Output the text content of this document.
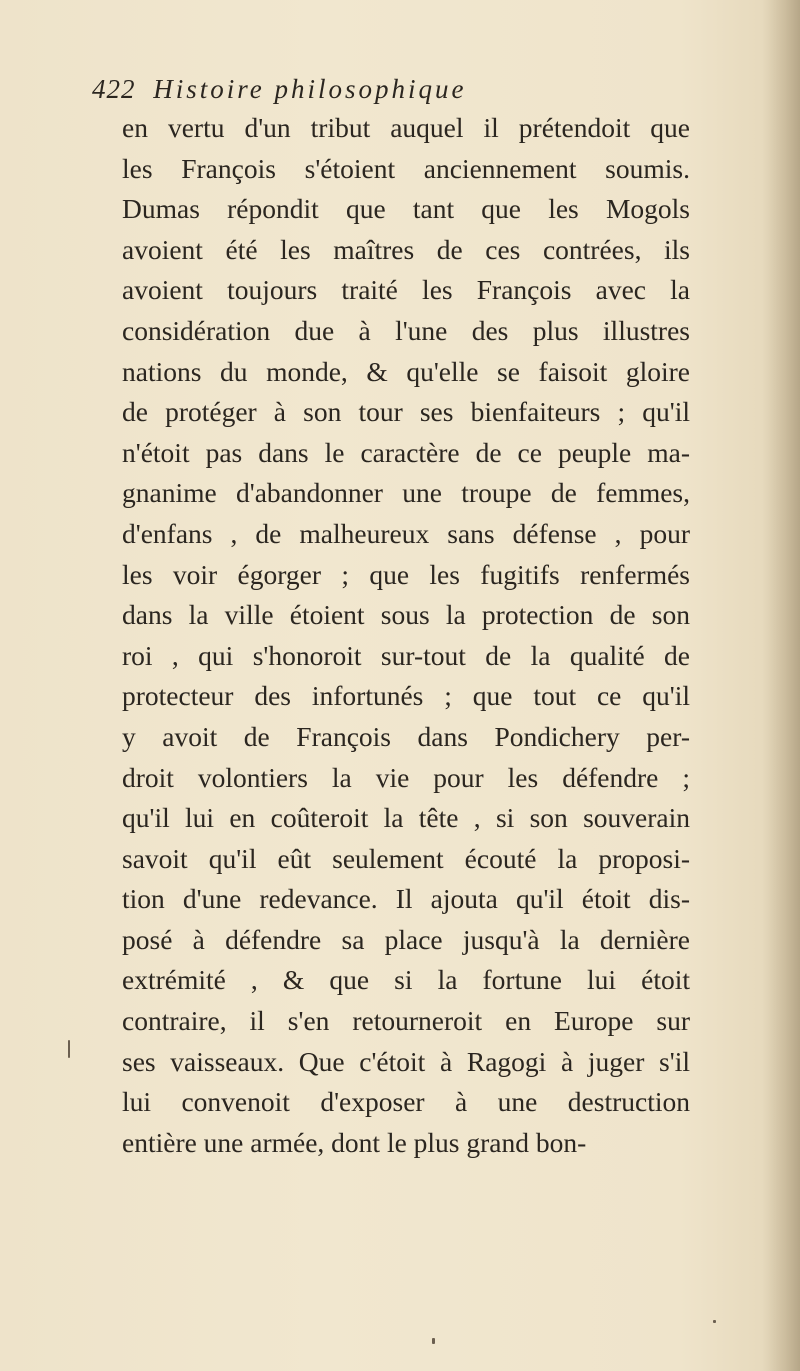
422 Histoire philosophique
en vertu d'un tribut auquel il prétendoit que
les François s'étoient anciennement soumis.
Dumas répondit que tant que les Mogols
avoient été les maîtres de ces contrées, ils
avoient toujours traité les François avec la
considération due à l'une des plus illustres
nations du monde, & qu'elle se faisoit gloire
de protéger à son tour ses bienfaiteurs ; qu'il
n'étoit pas dans le caractère de ce peuple ma-
gnanime d'abandonner une troupe de femmes,
d'enfans , de malheureux sans défense , pour
les voir égorger ; que les fugitifs renfermés
dans la ville étoient sous la protection de son
roi , qui s'honoroit sur-tout de la qualité de
protecteur des infortunés ; que tout ce qu'il
y avoit de François dans Pondichery per-
droit volontiers la vie pour les défendre ;
qu'il lui en coûteroit la tête , si son souverain
savoit qu'il eût seulement écouté la proposi-
tion d'une redevance. Il ajouta qu'il étoit dis-
posé à défendre sa place jusqu'à la dernière
extrémité , & que si la fortune lui étoit
contraire, il s'en retourneroit en Europe sur
ses vaisseaux. Que c'étoit à Ragogi à juger s'il
lui convenoit d'exposer à une destruction
entière une armée, dont le plus grand bon-
